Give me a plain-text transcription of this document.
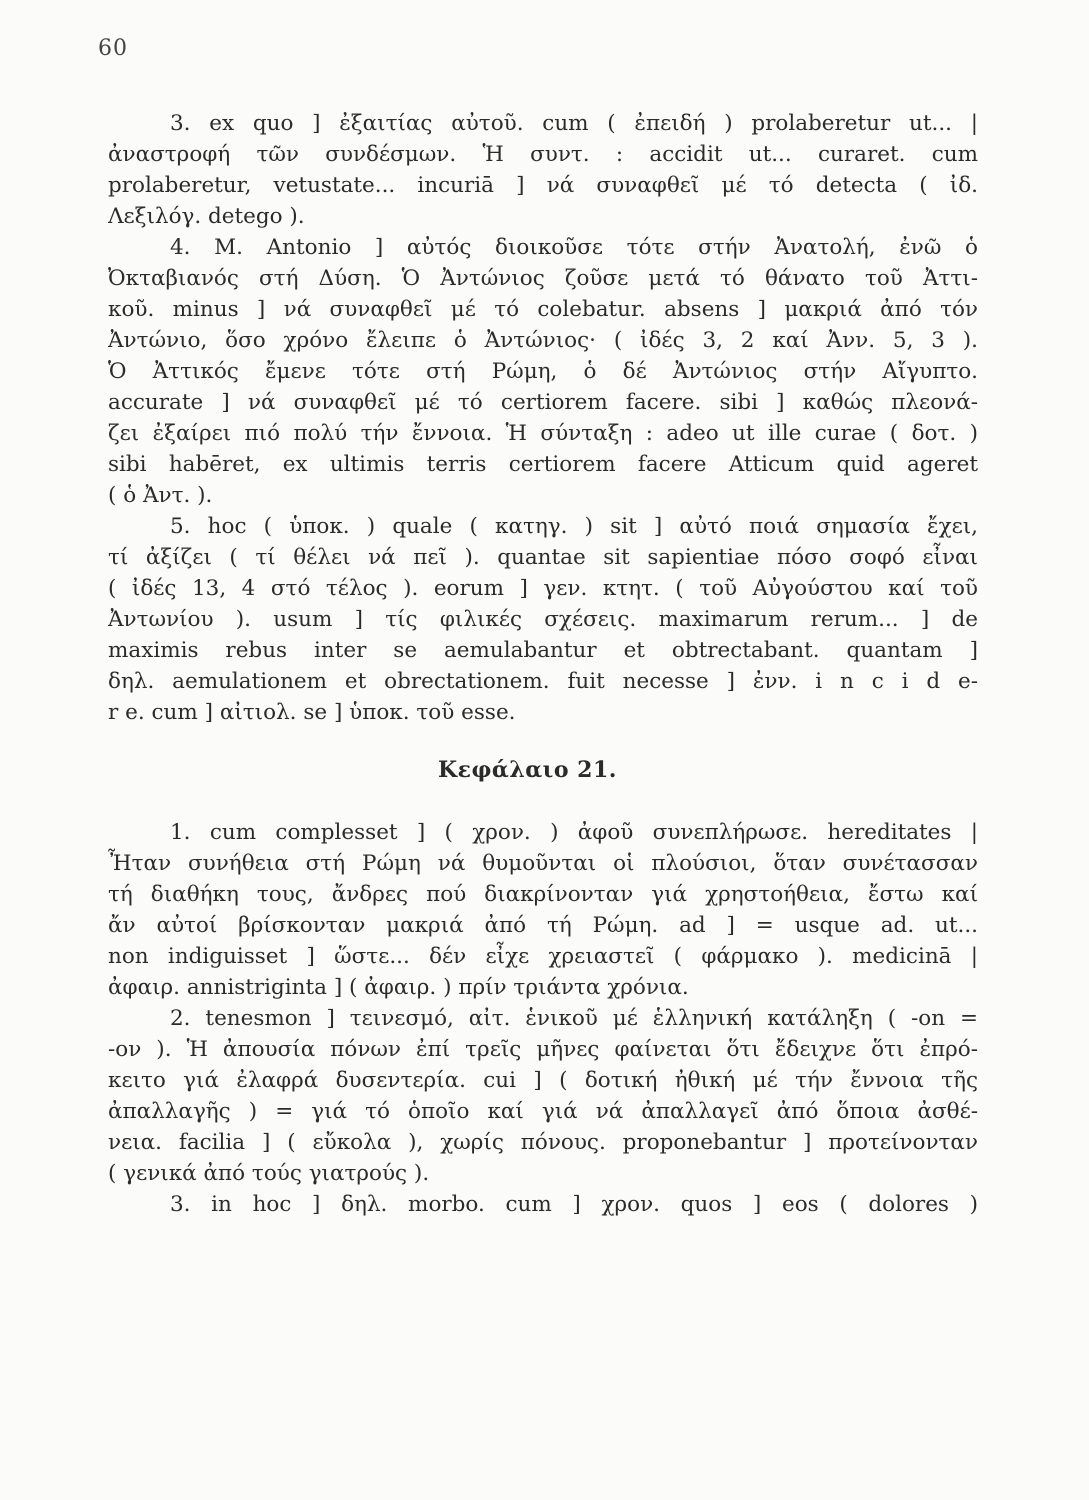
60
3. ex quo ] ἐξαιτίας αὐτοῦ. cum ( ἐπειδή ) prolaberetur ut... |
ἀναστροφή τῶν συνδέσμων. Ἡ συντ. : accidit ut... curaret. cum
prolaberetur, vetustate... incuriā ] νά συναφθεῖ μέ τό detecta ( ἰδ.
Λεξιλόγ. detego ).
4. M. Antonio ] αὐτός διοικοῦσε τότε στήν Ἀνατολή, ἐνῶ ὁ
Ὀκταβιανός στή Δύση. Ὁ Ἀντώνιος ζοῦσε μετά τό θάνατο τοῦ Ἀττι-
κοῦ. minus ] νά συναφθεῖ μέ τό colebatur. absens ] μακριά ἀπό τόν
Ἀντώνιο, ὅσο χρόνο ἔλειπε ὁ Ἀντώνιος· ( ἰδές 3, 2 καί Ἀνν. 5, 3 ).
Ὁ Ἀττικός ἔμενε τότε στή Ρώμη, ὁ δέ Ἀντώνιος στήν Αἴγυπτο.
accurate ] νά συναφθεῖ μέ τό certiorem facere. sibi ] καθώς πλεονά-
ζει ἐξαίρει πιό πολύ τήν ἔννοια. Ἡ σύνταξη : adeo ut ille curae ( δοτ. )
sibi habēret, ex ultimis terris certiorem facere Atticum quid ageret
( ὁ Ἀντ. ).
5. hoc ( ὑποκ. ) quale ( κατηγ. ) sit ] αὐτό ποιά σημασία ἔχει,
τί ἀξίζει ( τί θέλει νά πεῖ ). quantae sit sapientiae πόσο σοφό εἶναι
( ἰδές 13, 4 στό τέλος ). eorum ] γεν. κτητ. ( τοῦ Αὐγούστου καί τοῦ
Ἀντωνίου ). usum ] τίς φιλικές σχέσεις. maximarum rerum... ] de
maximis rebus inter se aemulabantur et obtrectabant. quantam ]
δηλ. aemulationem et obrectationem. fuit necesse ] ἐνν. i n c i d e-
r e. cum ] αἰτιολ. se ] ὑποκ. τοῦ esse.
Κεφάλαιο 21.
1. cum complesset ] ( χρον. ) ἀφοῦ συνεπλήρωσε. hereditates |
Ἦταν συνήθεια στή Ρώμη νά θυμοῦνται οἱ πλούσιοι, ὅταν συνέτασσαν
τή διαθήκη τους, ἄνδρες πού διακρίνονταν γιά χρηστοήθεια, ἔστω καί
ἄν αὐτοί βρίσκονταν μακριά ἀπό τή Ρώμη. ad ] = usque ad. ut...
non indiguisset ] ὥστε... δέν εἶχε χρειαστεῖ ( φάρμακο ). medicinā |
ἀφαιρ. annistriginta ] ( ἀφαιρ. ) πρίν τριάντα χρόνια.
2. tenesmon ] τεινεσμό, αἰτ. ἑνικοῦ μέ ἑλληνική κατάληξη ( -on =
-ον ). Ἡ ἀπουσία πόνων ἐπί τρεῖς μῆνες φαίνεται ὅτι ἔδειχνε ὅτι ἐπρό-
κειτο γιά ἐλαφρά δυσεντερία. cui ] ( δοτική ἠθική μέ τήν ἔννοια τῆς
ἀπαλλαγῆς ) = γιά τό ὁποῖο καί γιά νά ἀπαλλαγεῖ ἀπό ὅποια ἀσθέ-
νεια. facilia ] ( εὔκολα ), χωρίς πόνους. proponebantur ] προτείνονταν
( γενικά ἀπό τούς γιατρούς ).
3. in hoc ] δηλ. morbo. cum ] χρον. quos ] eos ( dolores )
